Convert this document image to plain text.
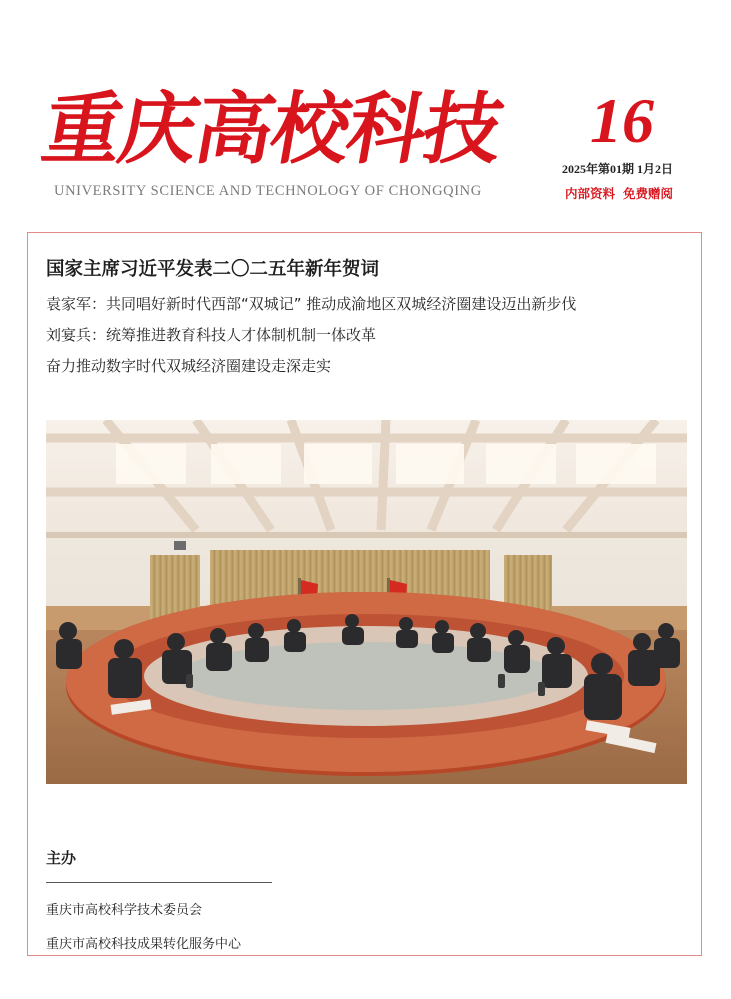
重庆高校科技
UNIVERSITY SCIENCE AND TECHNOLOGY OF CHONGQING
16
2025年第01期 1月2日
内部资料 免费赠阅

国家主席习近平发表二〇二五年新年贺词

袁家军：共同唱好新时代西部“双城记” 推动成渝地区双城经济圈建设迈出新步伐

刘宴兵：统筹推进教育科技人才体制机制一体改革

奋力推动数字时代双城经济圈建设走深走实

主办

重庆市高校科学技术委员会

重庆市高校科技成果转化服务中心
